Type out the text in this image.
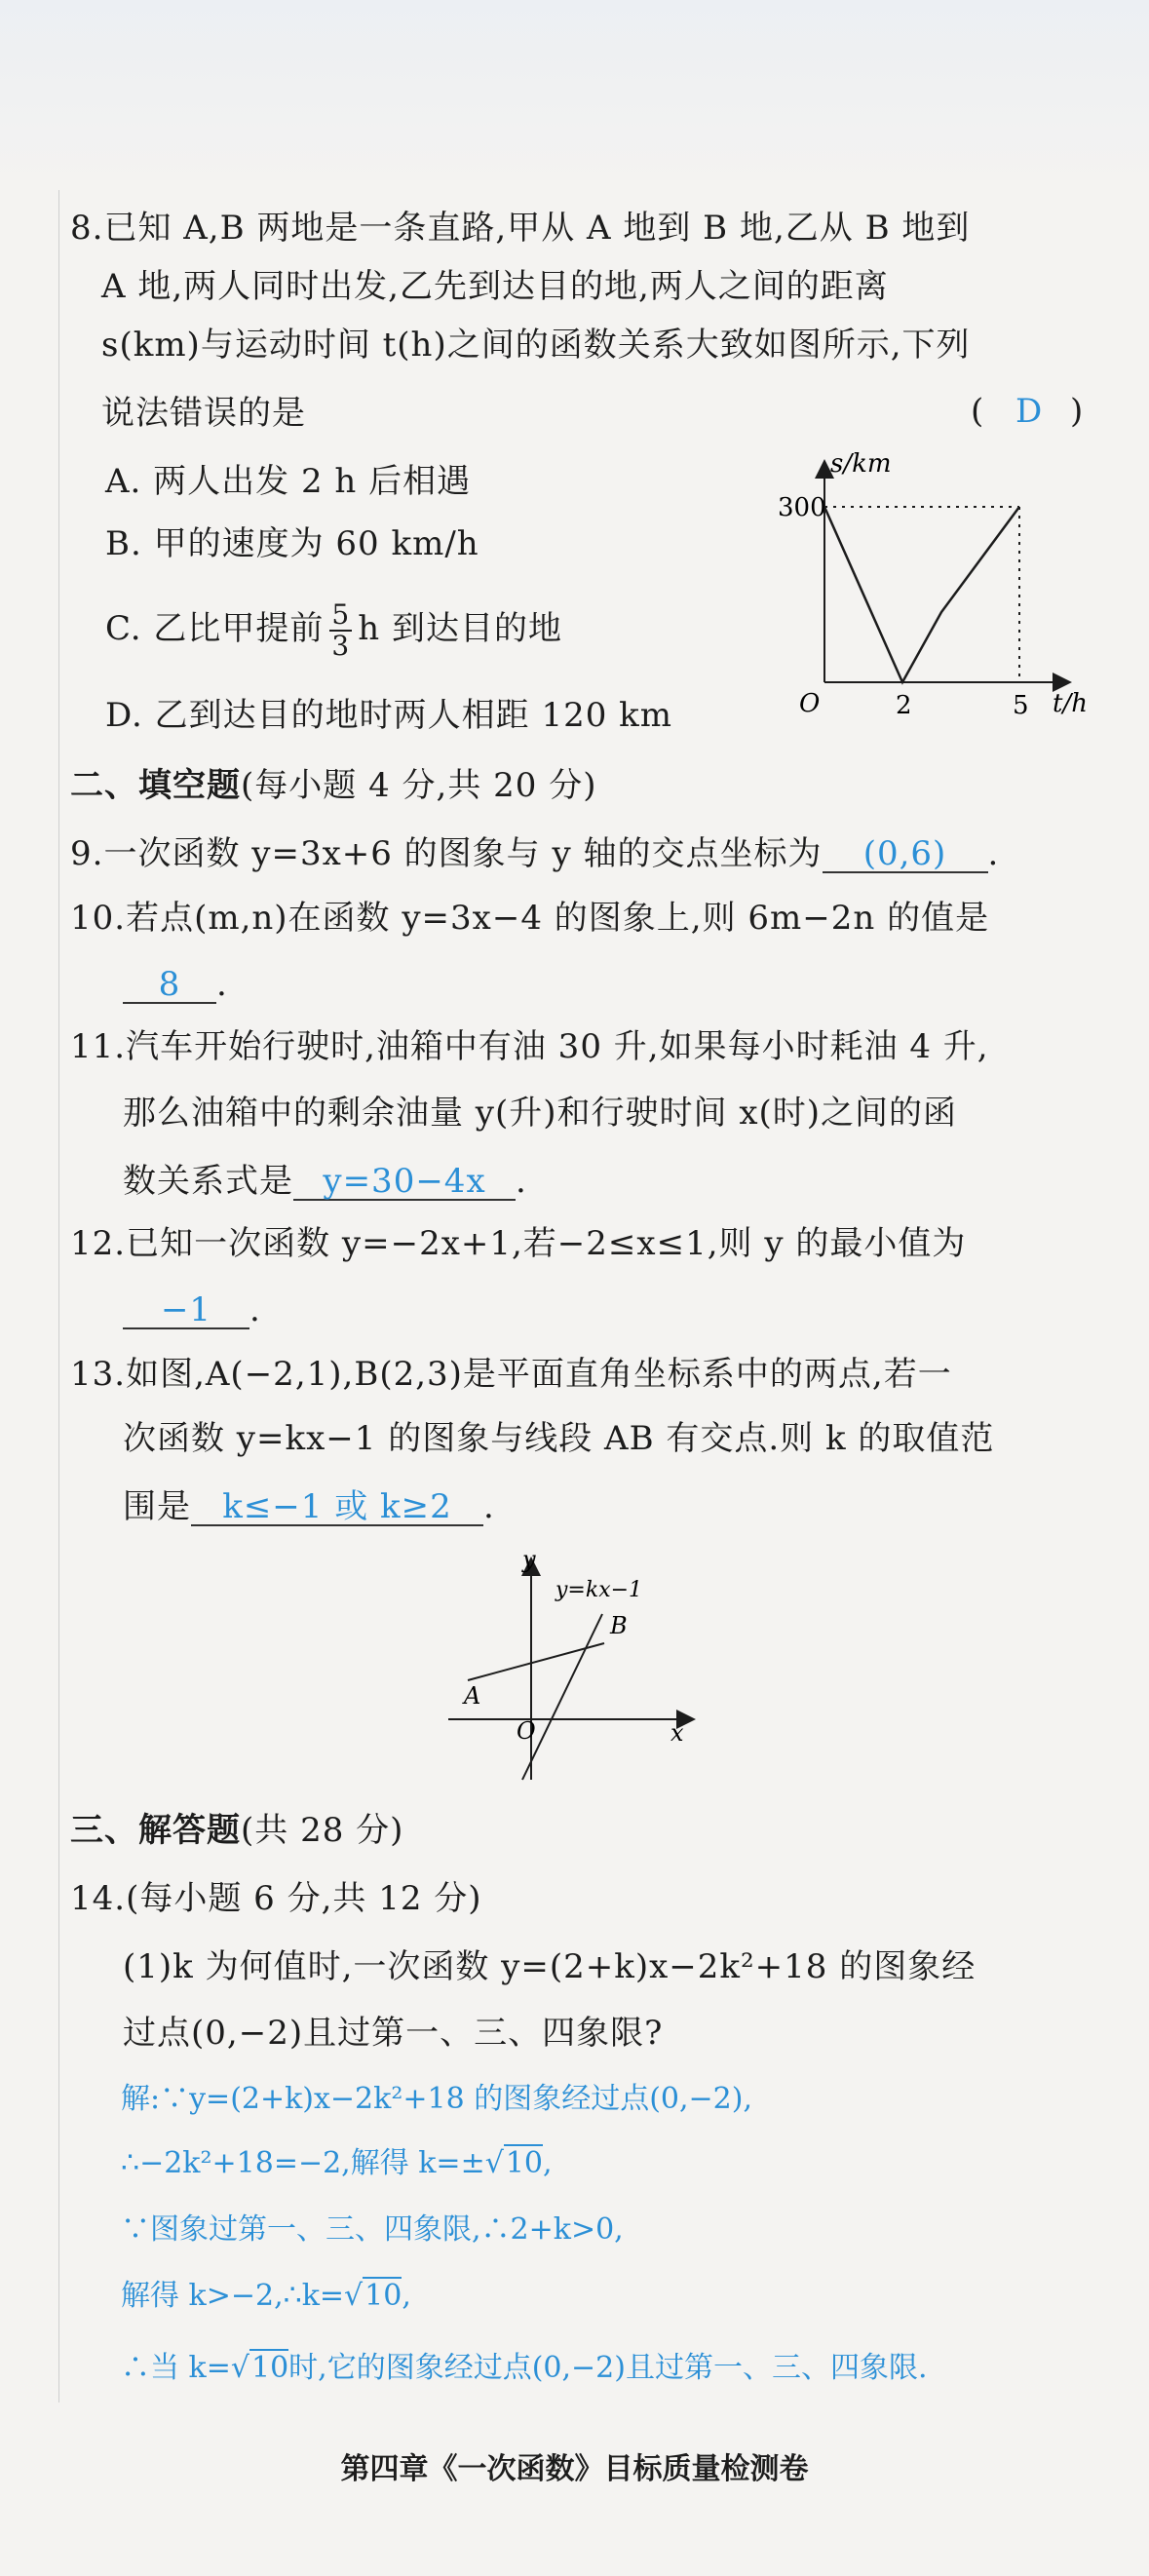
8.已知 A,B 两地是一条直路,甲从 A 地到 B 地,乙从 B 地到
A 地,两人同时出发,乙先到达目的地,两人之间的距离
s(km)与运动时间 t(h)之间的函数关系大致如图所示,下列
说法错误的是	( D )
A. 两人出发 2 h 后相遇
B. 甲的速度为 60 km/h
C. 乙比甲提前 $\frac{5}{3}$ h 到达目的地
D. 乙到达目的地时两人相距 120 km
s/km
t/h
O
300
2	5
二、填空题(每小题 4 分,共 20 分)
9.一次函数 y=3x+6 的图象与 y 轴的交点坐标为 (0,6) .
10.若点(m,n)在函数 y=3x−4 的图象上,则 6m−2n 的值是
8 .
11.汽车开始行驶时,油箱中有油 30 升,如果每小时耗油 4 升,
那么油箱中的剩余油量 y(升)和行驶时间 x(时)之间的函
数关系式是 y=30−4x .
12.已知一次函数 y=−2x+1,若−2≤x≤1,则 y 的最小值为
−1 .
13.如图,A(−2,1),B(2,3)是平面直角坐标系中的两点,若一
次函数 y=kx−1 的图象与线段 AB 有交点.则 k 的取值范
围是 k≤−1 或 k≥2 .
y
x
O
y=kx−1
A
B
三、解答题(共 28 分)
14.(每小题 6 分,共 12 分)
(1)k 为何值时,一次函数 y=(2+k)x−2k²+18 的图象经
过点(0,−2)且过第一、三、四象限?
解:∵y=(2+k)x−2k²+18 的图象经过点(0,−2),
∴−2k²+18=−2,解得 k=±√10,
∵图象过第一、三、四象限,∴2+k>0,
解得 k>−2,∴k=√10,
∴当 k=√10时,它的图象经过点(0,−2)且过第一、三、四象限.
第四章《一次函数》目标质量检测卷
